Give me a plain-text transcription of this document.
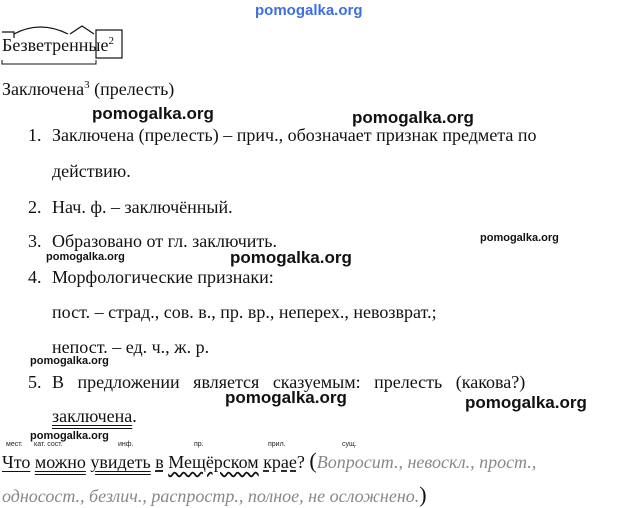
pomogalka.org
pomogalka.org	pomogalka.org
pomogalka.org
pomogalka.org	pomogalka.org
pomogalka.org
pomogalka.org	pomogalka.org
pomogalka.org
Безветренные$^2$
Заключена$^3$ (прелесть)
1. Заключена (прелесть) – прич., обозначает признак предмета по
действию.
2. Нач. ф. – заключённый.
3. Образовано от гл. заключить.
4. Морфологические признаки:
пост. – страд., сов. в., пр. вр., неперех., невозврат.;
непост. – ед. ч., ж. р.
5. В предложении является сказуемым: прелесть (какова?)
заключена.
мест. кат. сост.	инф.	пр.	прил.	сущ.
Что можно увидеть в Мещёрском крае? (Вопросит., невоскл., прост.,
односост., безлич., распростр., полное, не осложнено.)
